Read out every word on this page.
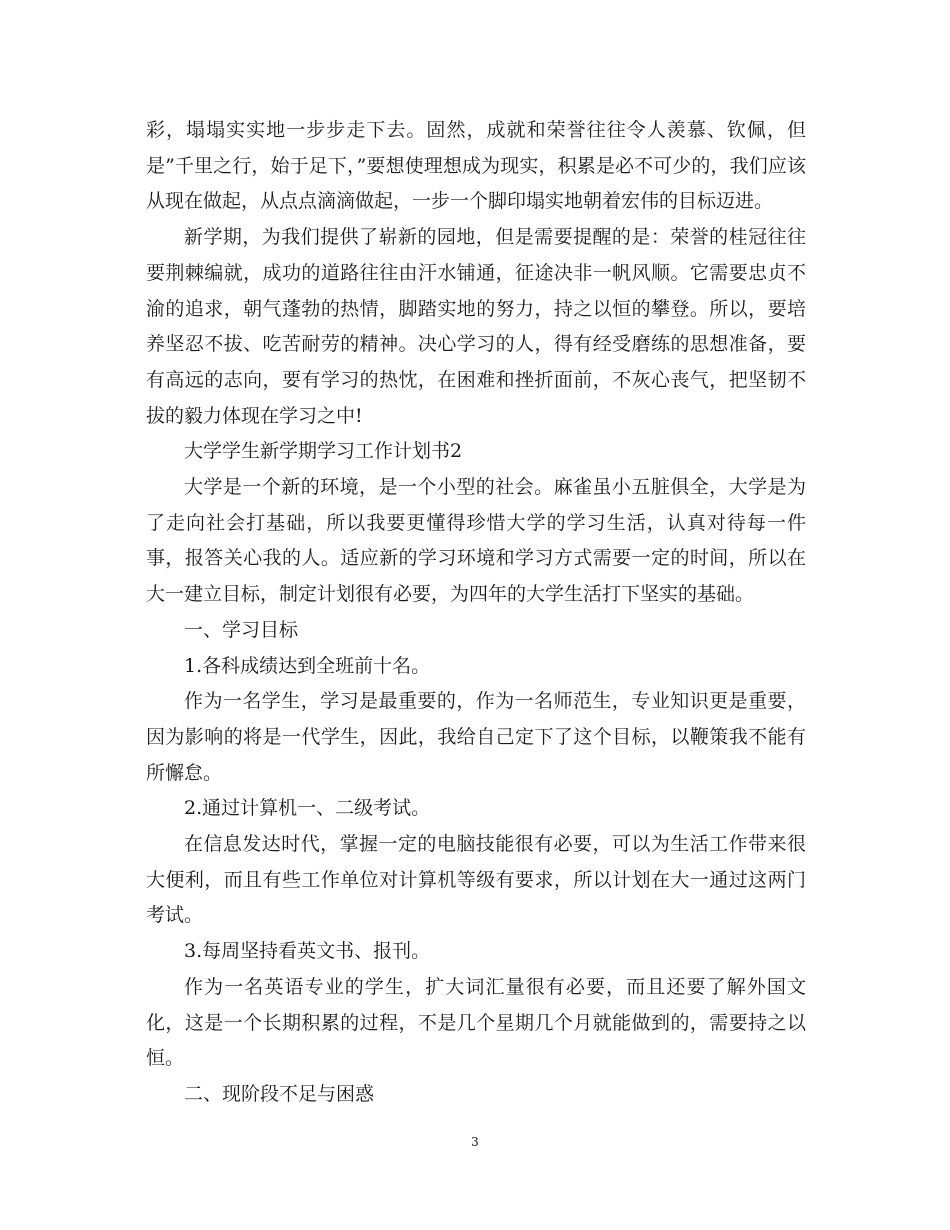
彩，塌塌实实地一步步走下去。固然，成就和荣誉往往令人羡慕、钦佩，但是”千里之行，始于足下，”要想使理想成为现实，积累是必不可少的，我们应该从现在做起，从点点滴滴做起，一步一个脚印塌实地朝着宏伟的目标迈进。

新学期，为我们提供了崭新的园地，但是需要提醒的是：荣誉的桂冠往往要荆棘编就，成功的道路往往由汗水铺通，征途决非一帆风顺。它需要忠贞不渝的追求，朝气蓬勃的热情，脚踏实地的努力，持之以恒的攀登。所以，要培养坚忍不拔、吃苦耐劳的精神。决心学习的人，得有经受磨练的思想准备，要有高远的志向，要有学习的热忱，在困难和挫折面前，不灰心丧气，把坚韧不拔的毅力体现在学习之中!

大学学生新学期学习工作计划书2

大学是一个新的环境，是一个小型的社会。麻雀虽小五脏俱全，大学是为了走向社会打基础，所以我要更懂得珍惜大学的学习生活，认真对待每一件事，报答关心我的人。适应新的学习环境和学习方式需要一定的时间，所以在大一建立目标，制定计划很有必要，为四年的大学生活打下坚实的基础。

一、学习目标

1.各科成绩达到全班前十名。

作为一名学生，学习是最重要的，作为一名师范生，专业知识更是重要，因为影响的将是一代学生，因此，我给自己定下了这个目标，以鞭策我不能有所懈怠。

2.通过计算机一、二级考试。

在信息发达时代，掌握一定的电脑技能很有必要，可以为生活工作带来很大便利，而且有些工作单位对计算机等级有要求，所以计划在大一通过这两门考试。

3.每周坚持看英文书、报刊。

作为一名英语专业的学生，扩大词汇量很有必要，而且还要了解外国文化，这是一个长期积累的过程，不是几个星期几个月就能做到的，需要持之以恒。

二、现阶段不足与困惑

3
